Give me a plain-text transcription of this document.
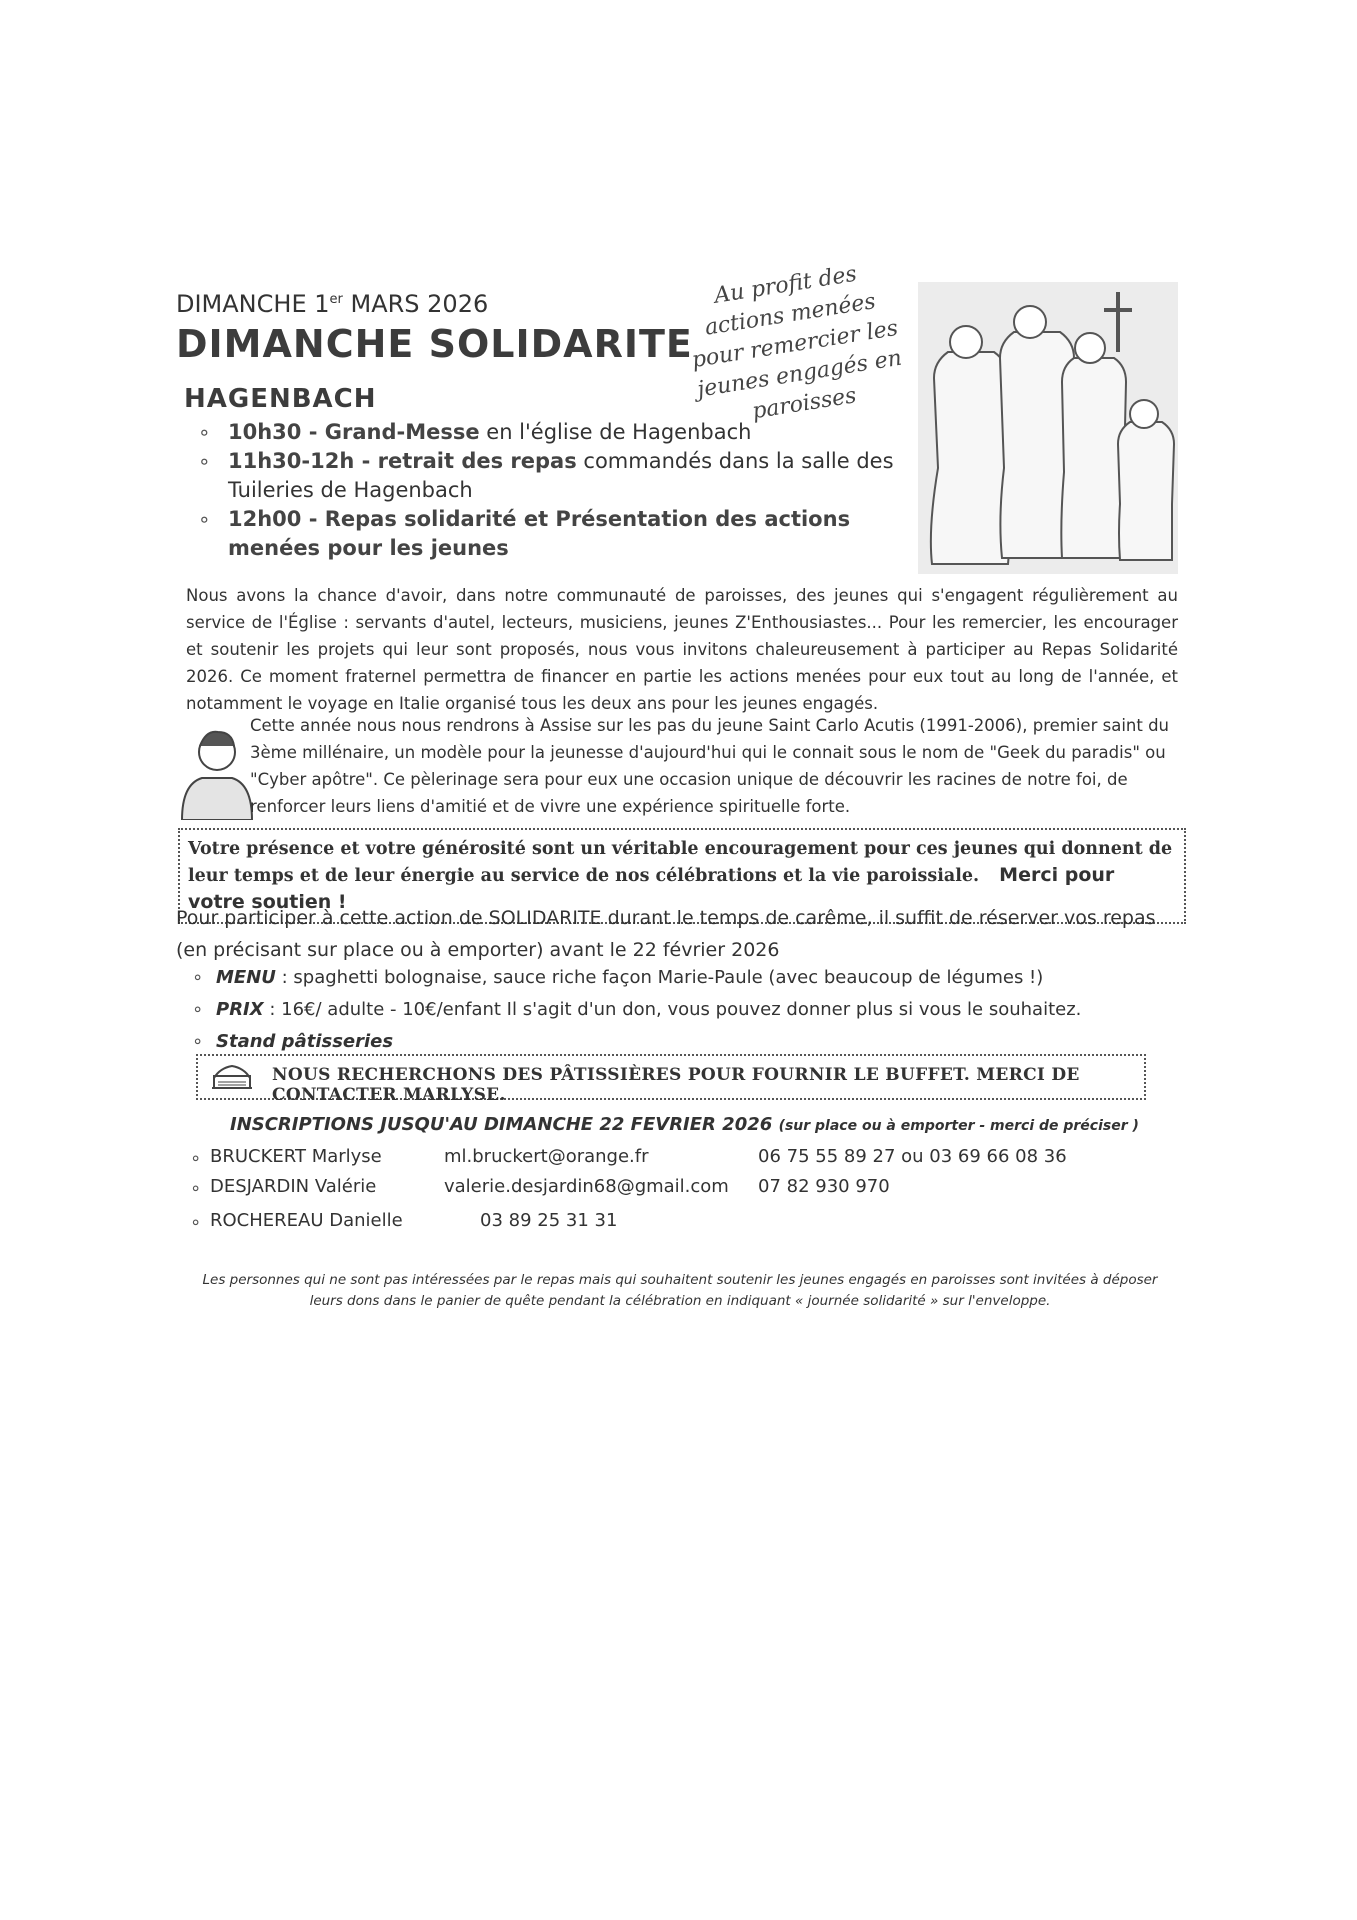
DIMANCHE 1er MARS 2026
DIMANCHE SOLIDARITE
HAGENBACH
Au profit des actions menées pour remercier les jeunes engagés en paroisses
∘ 10h30 - Grand-Messe en l'église de Hagenbach
∘ 11h30-12h - retrait des repas commandés dans la salle des Tuileries de Hagenbach
∘ 12h00 - Repas solidarité et Présentation des actions menées pour les jeunes

Nous avons la chance d'avoir, dans notre communauté de paroisses, des jeunes qui s'engagent régulièrement au service de l'Église : servants d'autel, lecteurs, musiciens, jeunes Z'Enthousiastes... Pour les remercier, les encourager et soutenir les projets qui leur sont proposés, nous vous invitons chaleureusement à participer au Repas Solidarité 2026. Ce moment fraternel permettra de financer en partie les actions menées pour eux tout au long de l'année, et notamment le voyage en Italie organisé tous les deux ans pour les jeunes engagés.

Cette année nous nous rendrons à Assise sur les pas du jeune Saint Carlo Acutis (1991-2006), premier saint du 3ème millénaire, un modèle pour la jeunesse d'aujourd'hui qui le connait sous le nom de "Geek du paradis" ou "Cyber apôtre". Ce pèlerinage sera pour eux une occasion unique de découvrir les racines de notre foi, de renforcer leurs liens d'amitié et de vivre une expérience spirituelle forte.

Votre présence et votre générosité sont un véritable encouragement pour ces jeunes qui donnent de leur temps et de leur énergie au service de nos célébrations et la vie paroissiale. Merci pour votre soutien !

Pour participer à cette action de SOLIDARITE durant le temps de carême, il suffit de réserver vos repas (en précisant sur place ou à emporter) avant le 22 février 2026

∘ MENU : spaghetti bolognaise, sauce riche façon Marie-Paule (avec beaucoup de légumes !)
∘ PRIX : 16€/ adulte - 10€/enfant Il s'agit d'un don, vous pouvez donner plus si vous le souhaitez.
∘ Stand pâtisseries
NOUS RECHERCHONS DES PÂTISSIÈRES POUR FOURNIR LE BUFFET. MERCI DE CONTACTER MARLYSE.
INSCRIPTIONS JUSQU'AU DIMANCHE 22 FEVRIER 2026 (sur place ou à emporter - merci de préciser )
∘ BRUCKERT Marlyse	ml.bruckert@orange.fr	06 75 55 89 27 ou 03 69 66 08 36
∘ DESJARDIN Valérie	valerie.desjardin68@gmail.com 07 82 930 970
∘ ROCHEREAU Danielle	03 89 25 31 31
Les personnes qui ne sont pas intéressées par le repas mais qui souhaitent soutenir les jeunes engagés en paroisses sont invitées à déposer leurs dons dans le panier de quête pendant la célébration en indiquant « journée solidarité » sur l'enveloppe.
